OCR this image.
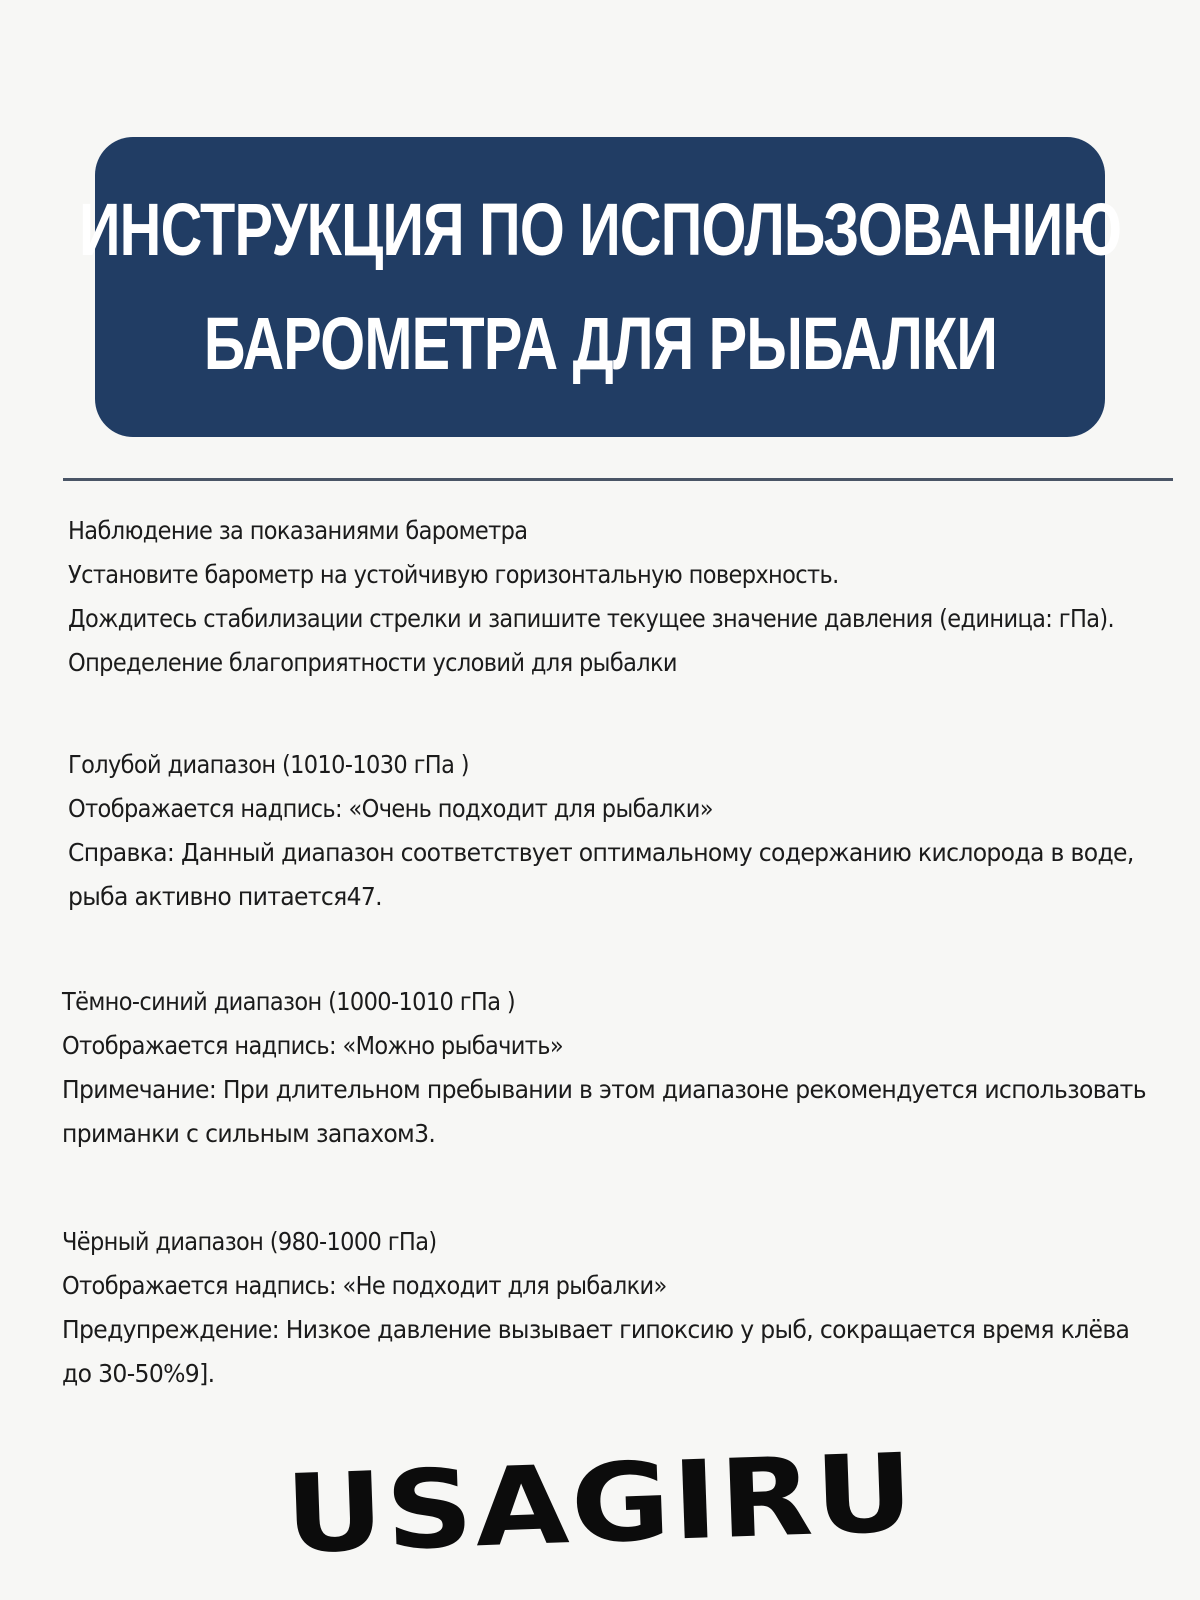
ИНСТРУКЦИЯ ПО ИСПОЛЬЗОВАНИЮ
БАРОМЕТРА ДЛЯ РЫБАЛКИ
Наблюдение за показаниями барометра
Установите барометр на устойчивую горизонтальную поверхность.
Дождитесь стабилизации стрелки и запишите текущее значение давления (единица: гПа).
Определение благоприятности условий для рыбалки
Голубой диапазон (1010-1030 гПа )
Отображается надпись: «Очень подходит для рыбалки»
Справка: Данный диапазон соответствует оптимальному содержанию кислорода в воде, рыба активно питается47.
Тёмно-синий диапазон (1000-1010 гПа )
Отображается надпись: «Можно рыбачить»
Примечание: При длительном пребывании в этом диапазоне рекомендуется использовать приманки с сильным запахом3.
Чёрный диапазон (980-1000 гПа)
Отображается надпись: «Не подходит для рыбалки»
Предупреждение: Низкое давление вызывает гипоксию у рыб, сокращается время клёва до 30-50%9].
USAGIRU
